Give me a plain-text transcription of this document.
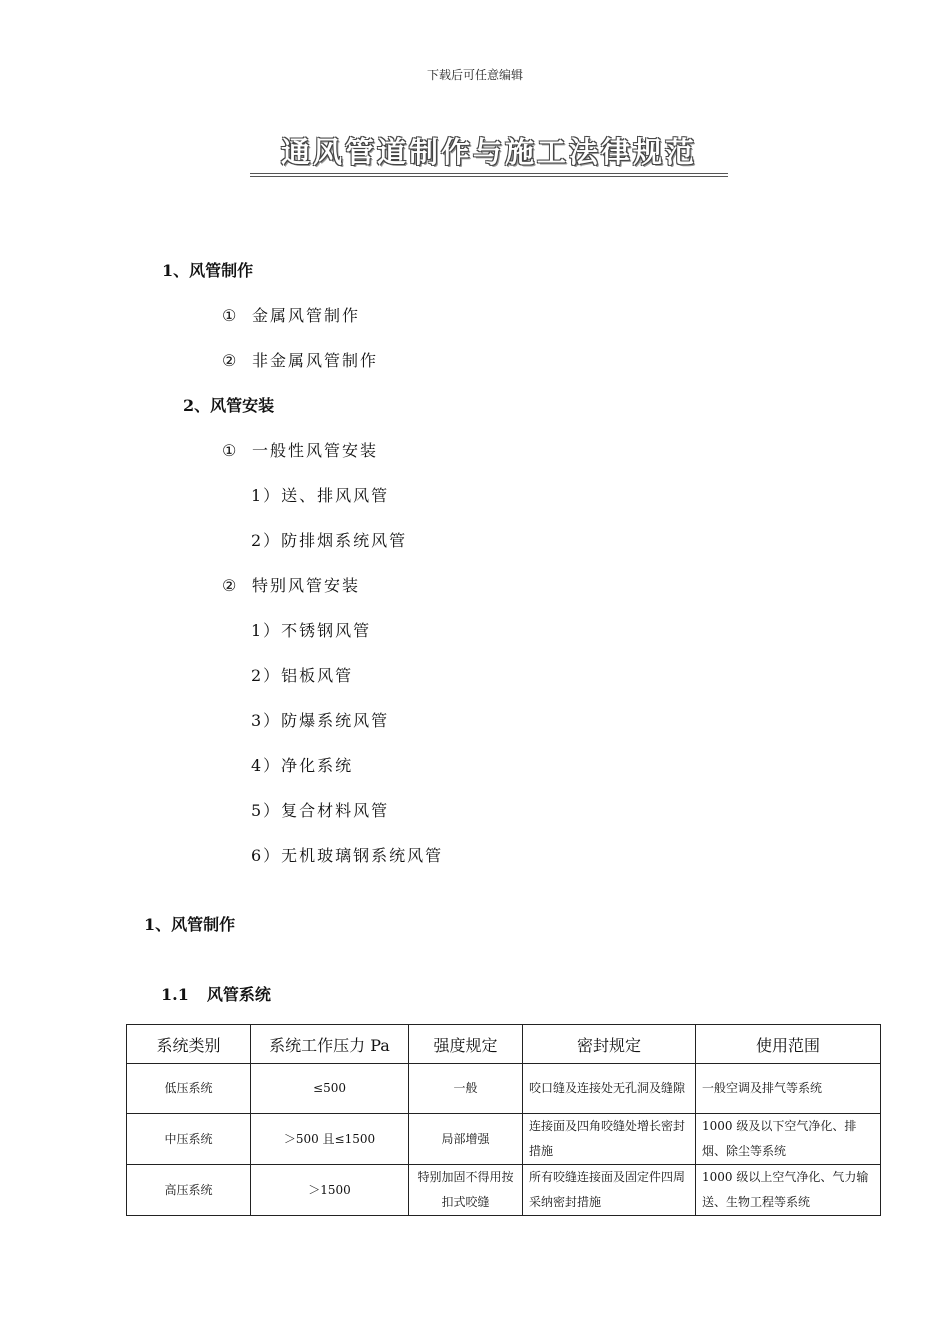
下载后可任意编辑
通风管道制作与施工法律规范
1、风管制作
① 金属风管制作
② 非金属风管制作
2、风管安装
① 一般性风管安装
1）送、排风风管
2）防排烟系统风管
② 特别风管安装
1）不锈钢风管
2）铝板风管
3）防爆系统风管
4）净化系统
5）复合材料风管
6）无机玻璃钢系统风管
1、风管制作
1.1 风管系统
系统类别	系统工作压力 Pa	强度规定	密封规定	使用范围
低压系统	≤500	一般	咬口缝及连接处无孔洞及缝隙	一般空调及排气等系统
中压系统	＞500 且≤1500	局部增强	连接面及四角咬缝处增长密封措施	1000 级及以下空气净化、排烟、除尘等系统
高压系统	＞1500	特别加固不得用按扣式咬缝	所有咬缝连接面及固定件四周采纳密封措施	1000 级以上空气净化、气力输送、生物工程等系统
